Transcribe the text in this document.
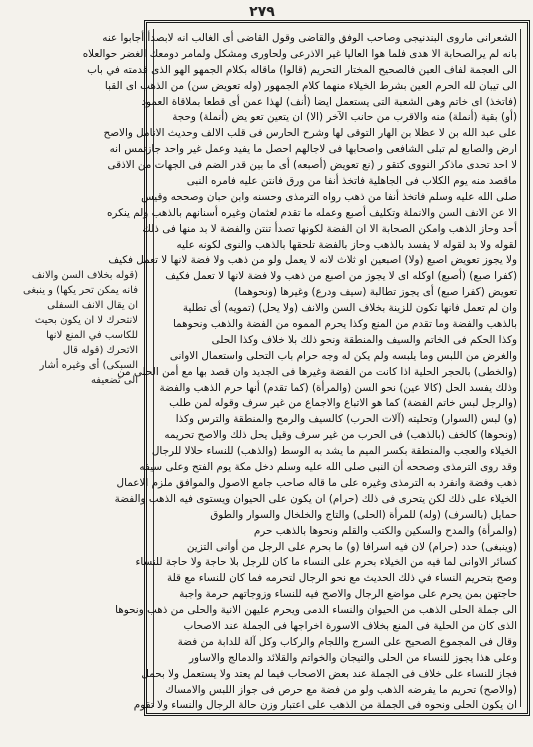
٢٧٩
(قوله بخلاف السن والانف
فانه يمكن تحر يكها) و ينبغى
ان يقال الانف السفلى
لانتحرك لا ان يكون بحيث
للكاسب في المنع لانها
الاتحرك (قوله قال
السبكى) أى وغيره أشار
الى تضعيفه
الشعرانى ماروى البندنيجى وصاحب الوفق والقاضى وقول القاضى أى الغالب انه لابصدأ أجابوا عنه
بانه لم يرالصحابة الا هدى فلما هوا العاليا غير الاذرعى ولحاورى ومشكل ولمامر دومعك الغضر حوالعلاه
الى العجمة لفاف العين فالصحيح المختار التحريم (قالوا) ماقاله بكلام الجمهو الهو الذى قدمته في باب
الى تيبان لله الحرم العين بشرط الخيلاء منهما كلام الجمهور (وله تعويض سن) من الذهب اى القبا
(فاتخذ) اى خاتم وهى الشعبة التى يستعمل ايضا (أنف) لهذا عمن أى قطعا بملاقاة العمود
(أو) بقية (أنملة) منه والاقرب من حانب الآخر (الا) ان يتعين تعو يض (أنملة) وحجة
على عبد الله بن لا عظلا بن الهار التوقى لها وشرح الحارس فى قلب الالف وحديث الانامل والاصح
ارض والصابع لم تبلى الشافعى واصحابها فى لاجالهم احصل ما يفيد وعمل غير واحد جازتمس انه
لا احد تحدى ماذكر النووى كتقو ر (نع تعويض (أصبعه) أى ما بين قدر الضم فى الجهات من الاذقى
ماقصد منه يوم الكلاب فى الجاهلية فاتخذ أنفا من ورق فانتن عليه فامره النبى
صلى الله عليه وسلم فاتخذ أنفا من ذهب رواه الترمذى وحسنه وابن حبان وصححه وقيس
الا عن الانف السن والانملة وتكليف أصبع وعمله ما تقدم لعثمان وغيره أسنانهم بالذهب ولم ينكره
أحد وحاز الذهب وامكن الصحابة الا ان الفضة لكونها تصدأ تنتن والفضة لا بد منها فى ذلك
لقوله ولا بد لقوله لا يفسد بالذهب وحاز بالفضة تلحقها بالذهب والنوى لكونه عليه
ولا يجوز تعويض اصبع (ولا) اصبعين او ثلاث لانه لا يعمل ولو من ذهب ولا فضة لانها لا تعمل فكيف
(كفرا صبع) (أصبع) اوكله اى لا يجوز من اصبع من ذهب ولا فضة لانها لا تعمل فكيف
تعويض (كفرا صبع) أى يجوز تطالبة (سيف ودرع) وغيرها (ونحوهما)
وان لم تعمل فانها تكون للزينة بخلاف السن والانف (ولا يحل) (تمويه) أى تطلية
بالذهب والفضة وما تقدم من المنع وكذا يحرم المموه من الفضة والذهب ونحوهما
وكذا الحكم فى الخاتم والسيف والمنطقة ونحو ذلك بلا خلاف وكذا الحلى
والغرض من اللبس وما يلبسه ولم يكن له وجه حرام باب التحلى واستعمال الاوانى
(والخطى) بالحجر الحلية اذا كانت من الفضة وغيرها فى الجديد وان قصد بها مع أمن الحلى من
وذلك يفسد الحل (كالا عين) نحو السن (والمرأة) (كما تقدم) أنها حرم الذهب والفضة
(والرجل لبس خاتم الفضة) كما هو الاتباع والاجماع من غير سرف وقوله لمن طلب
(و) لبس (السوار) وتحليته (آلات الحرب) كالسيف والرمح والمنطقة والترس وكذا
(ونحوها) كالخف (بالذهب) فى الحرب من غير سرف وقيل يحل ذلك والاصح تحريمه
الخيلاء والعجب والمنطقة بكسر الميم ما يشد به الوسط (والذهب) للنساء حلالا للرجال
وقد روى الترمذى وصححه أن النبى صلى الله عليه وسلم دخل مكة يوم الفتح وعلى سيفه
ذهب وفضة وانفرد به الترمذى وغيره على ما قاله صاحب جامع الاصول والموافق ملزم الاعمال
الخيلاء على ذلك لكن يتحرى فى ذلك (حرام) ان يكون على الحيوان ويستوى فيه الذهب والفضة
حمايل (بالسرف) (وله) للمرأة (الحلى) والتاج والخلخال والسوار والطوق
(والمرأة) والمدح والسكين والكتب والقلم ونحوها بالذهب حرم
(وينبغى) حدد (حرام) لان فيه اسرافا (و) ما بحرم على الرجل من أوانى التزين
كسائر الاوانى لما فيه من الخيلاء بحرم على النساء ما كان للرجل بلا حاجة ولا حاجة للنساء
وصح بتحريم النساء في ذلك الحديث مع نحو الرجال لتحرمه فما كان للنساء مع قلة
حاجتهن بمن يحرم على مواضع الرجال والاصح فيه للنساء وزوجاتهم حرمة واجبة
الى جملة الحلى الذهب من الحيوان والنساء الدمى ويحرم عليهن الانية والحلى من ذهب ونحوها
الذى كان من الحلية فى المنع بخلاف الاسورة اخراجها فى الجملة عند الاصحاب
وقال فى المجموع الصحيح على السرج واللجام والركاب وكل آلة للدابة من فضة
وعلى هذا يجوز للنساء من الحلى والتيجان والخواتم والقلائد والدمالج والاساور
فجاز للنساء على خلاف فى الجملة عند بعض الاصحاب فيما لم يعتد ولا يستعمل ولا بحمل
(والاصح) تحريم ما يفرضه الذهب ولو من فضة مع حرص فى جواز اللبس والامساك
ان يكون الحلى ونحوه فى الجملة من الذهب على اعتبار وزن حالة الرجال والنساء ولا تقوم
